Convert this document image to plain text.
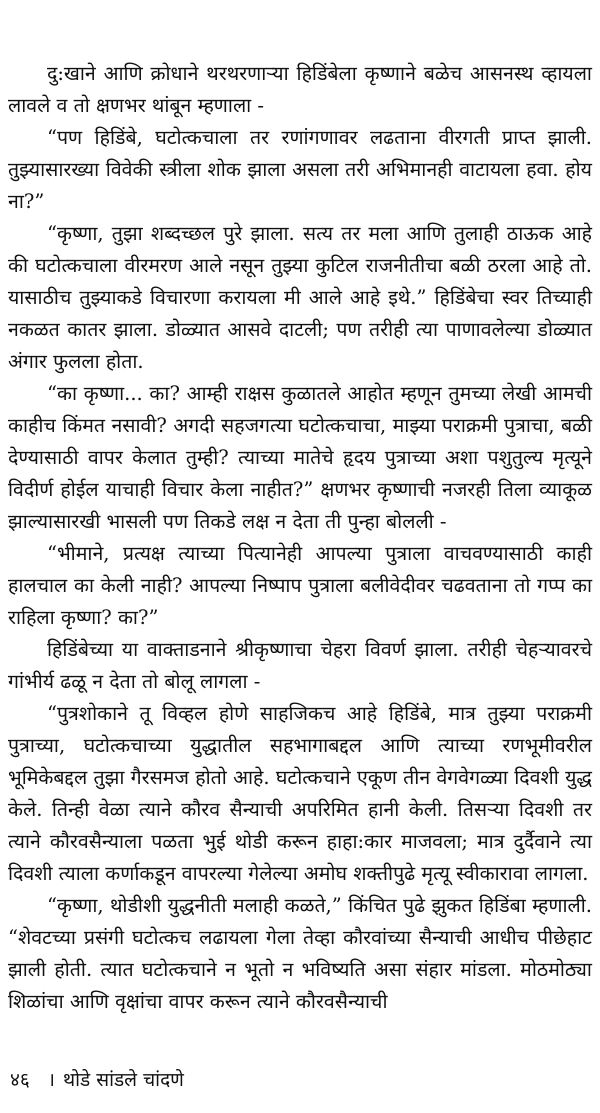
दु:खाने आणि क्रोधाने थरथरणाऱ्या हिडिंबेला कृष्णाने बळेच आसनस्थ व्हायला लावले व तो क्षणभर थांबून म्हणाला -

“पण हिडिंबे, घटोत्कचाला तर रणांगणावर लढताना वीरगती प्राप्त झाली. तुझ्यासारख्या विवेकी स्त्रीला शोक झाला असला तरी अभिमानही वाटायला हवा. होय ना?”

“कृष्णा, तुझा शब्दच्छल पुरे झाला. सत्य तर मला आणि तुलाही ठाऊक आहे की घटोत्कचाला वीरमरण आले नसून तुझ्या कुटिल राजनीतीचा बळी ठरला आहे तो. यासाठीच तुझ्याकडे विचारणा करायला मी आले आहे इथे.” हिडिंबेचा स्वर तिच्याही नकळत कातर झाला. डोळ्यात आसवे दाटली; पण तरीही त्या पाणावलेल्या डोळ्यात अंगार फुलला होता.

“का कृष्णा... का? आम्ही राक्षस कुळातले आहोत म्हणून तुमच्या लेखी आमची काहीच किंमत नसावी? अगदी सहजगत्या घटोत्कचाचा, माझ्या पराक्रमी पुत्राचा, बळी देण्यासाठी वापर केलात तुम्ही? त्याच्या मातेचे हृदय पुत्राच्या अशा पशुतुल्य मृत्यूने विदीर्ण होईल याचाही विचार केला नाहीत?” क्षणभर कृष्णाची नजरही तिला व्याकूळ झाल्यासारखी भासली पण तिकडे लक्ष न देता ती पुन्हा बोलली -

“भीमाने, प्रत्यक्ष त्याच्या पित्यानेही आपल्या पुत्राला वाचवण्यासाठी काही हालचाल का केली नाही? आपल्या निष्पाप पुत्राला बलीवेदीवर चढवताना तो गप्प का राहिला कृष्णा? का?”

हिडिंबेच्या या वाक्ताडनाने श्रीकृष्णाचा चेहरा विवर्ण झाला. तरीही चेहऱ्यावरचे गांभीर्य ढळू न देता तो बोलू लागला -

“पुत्रशोकाने तू विव्हल होणे साहजिकच आहे हिडिंबे, मात्र तुझ्या पराक्रमी पुत्राच्या, घटोत्कचाच्या युद्धातील सहभागाबद्दल आणि त्याच्या रणभूमीवरील भूमिकेबद्दल तुझा गैरसमज होतो आहे. घटोत्कचाने एकूण तीन वेगवेगळ्या दिवशी युद्ध केले. तिन्ही वेळा त्याने कौरव सैन्याची अपरिमित हानी केली. तिसऱ्या दिवशी तर त्याने कौरवसैन्याला पळता भुई थोडी करून हाहा:कार माजवला; मात्र दुर्दैवाने त्या दिवशी त्याला कर्णाकडून वापरल्या गेलेल्या अमोघ शक्तीपुढे मृत्यू स्वीकारावा लागला.

“कृष्णा, थोडीशी युद्धनीती मलाही कळते,” किंचित पुढे झुकत हिडिंबा म्हणाली. “शेवटच्या प्रसंगी घटोत्कच लढायला गेला तेव्हा कौरवांच्या सैन्याची आधीच पीछेहाट झाली होती. त्यात घटोत्कचाने न भूतो न भविष्यति असा संहार मांडला. मोठमोठ्या शिळांचा आणि वृक्षांचा वापर करून त्याने कौरवसैन्याची

४६ । थोडे सांडले चांदणे
